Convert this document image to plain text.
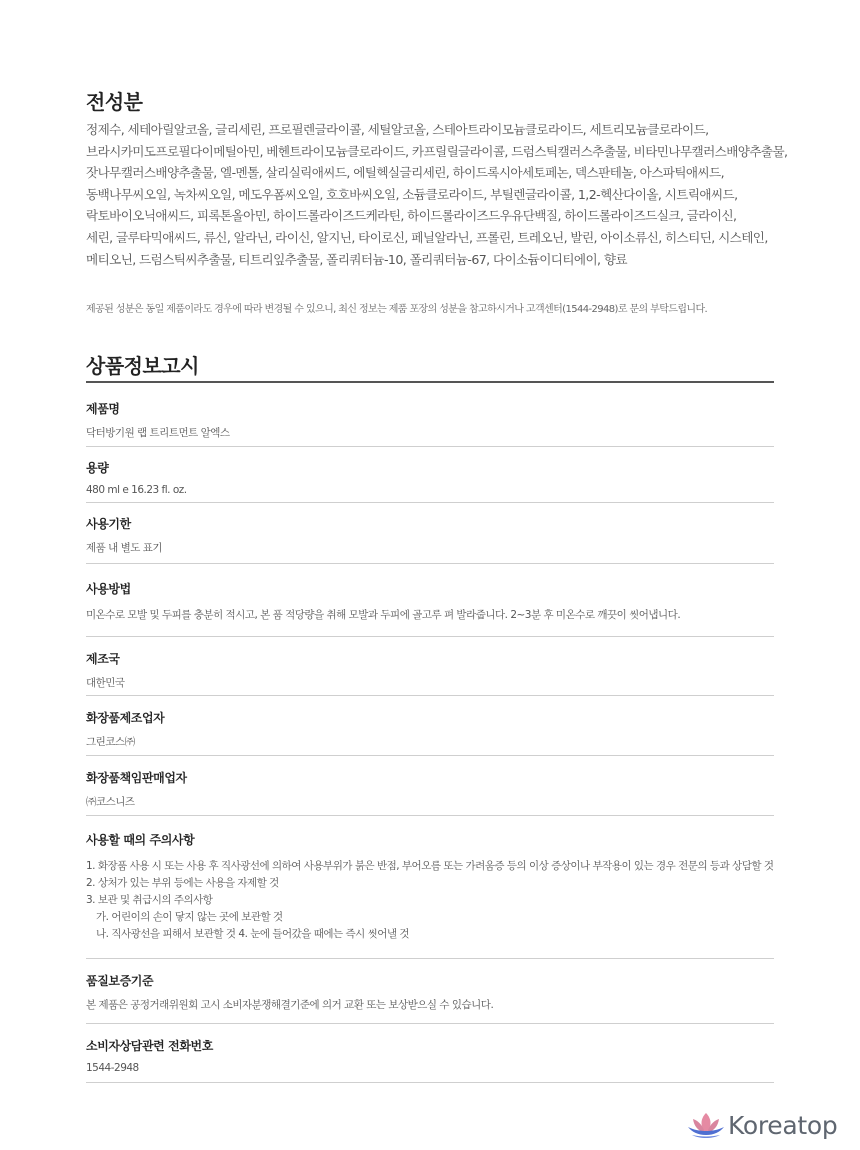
전성분
정제수, 세테아릴알코올, 글리세린, 프로필렌글라이콜, 세틸알코올, 스테아트라이모늄클로라이드, 세트리모늄클로라이드,
브라시카미도프로필다이메틸아민, 베헨트라이모늄클로라이드, 카프릴릴글라이콜, 드럼스틱캘러스추출물, 비타민나무캘러스배양추출물,
잣나무캘러스배양추출물, 엘-멘톨, 살리실릭애씨드, 에틸헥실글리세린, 하이드록시아세토페논, 덱스판테놀, 아스파틱애씨드,
동백나무씨오일, 녹차씨오일, 메도우폼씨오일, 호호바씨오일, 소듐클로라이드, 부틸렌글라이콜, 1,2-헥산다이올, 시트릭애씨드,
락토바이오닉애씨드, 피록톤올아민, 하이드롤라이즈드케라틴, 하이드롤라이즈드우유단백질, 하이드롤라이즈드실크, 글라이신,
세린, 글루타믹애씨드, 류신, 알라닌, 라이신, 알지닌, 타이로신, 페닐알라닌, 프롤린, 트레오닌, 발린, 아이소류신, 히스티딘, 시스테인,
메티오닌, 드럼스틱씨추출물, 티트리잎추출물, 폴리쿼터늄-10, 폴리쿼터늄-67, 다이소듐이디티에이, 향료
제공된 성분은 동일 제품이라도 경우에 따라 변경될 수 있으니, 최신 정보는 제품 포장의 성분을 참고하시거나 고객센터(1544-2948)로 문의 부탁드립니다.
상품정보고시
제품명
닥터방기원 랩 트리트먼트 알엑스
용량
480 ml e 16.23 fl. oz.
사용기한
제품 내 별도 표기
사용방법
미온수로 모발 및 두피를 충분히 적시고, 본 품 적당량을 취해 모발과 두피에 골고루 펴 발라줍니다. 2~3분 후 미온수로 깨끗이 씻어냅니다.
제조국
대한민국
화장품제조업자
그린코스㈜
화장품책임판매업자
㈜코스니즈
사용할 때의 주의사항
1. 화장품 사용 시 또는 사용 후 직사광선에 의하여 사용부위가 붉은 반점, 부어오름 또는 가려움증 등의 이상 증상이나 부작용이 있는 경우 전문의 등과 상담할 것
2. 상처가 있는 부위 등에는 사용을 자제할 것
3. 보관 및 취급시의 주의사항
가. 어린이의 손이 닿지 않는 곳에 보관할 것
나. 직사광선을 피해서 보관할 것 4. 눈에 들어갔을 때에는 즉시 씻어낼 것
품질보증기준
본 제품은 공정거래위원회 고시 소비자분쟁해결기준에 의거 교환 또는 보상받으실 수 있습니다.
소비자상담관련 전화번호
1544-2948
Koreatop
